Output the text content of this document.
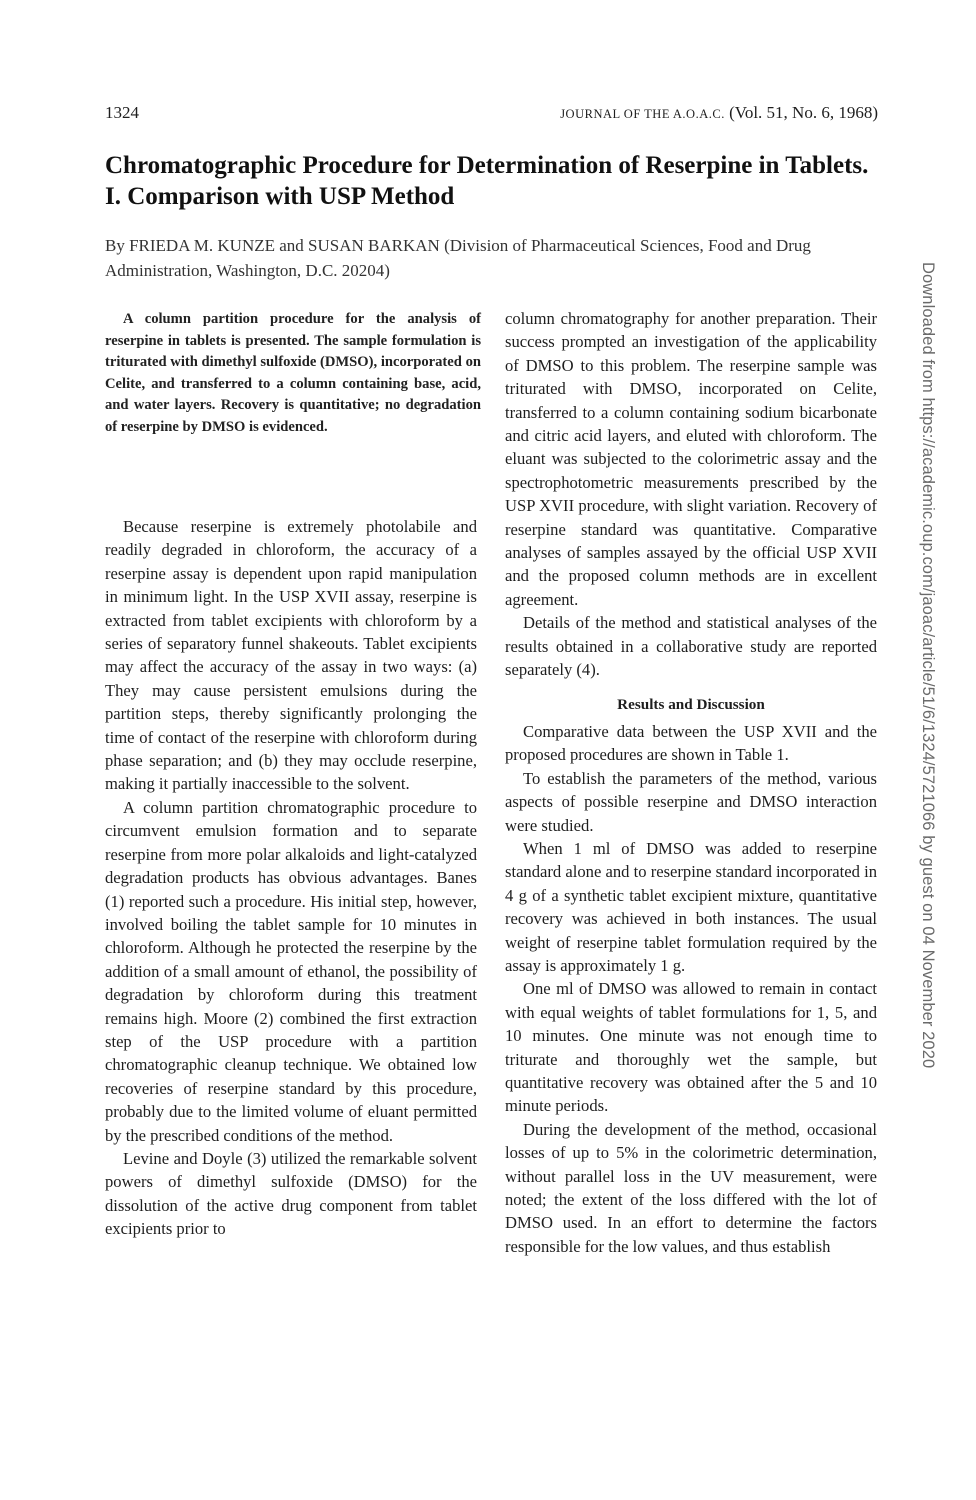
1324	JOURNAL OF THE A.O.A.C. (Vol. 51, No. 6, 1968)
Chromatographic Procedure for Determination of Reserpine in Tablets. I. Comparison with USP Method
By FRIEDA M. KUNZE and SUSAN BARKAN (Division of Pharmaceutical Sciences, Food and Drug Administration, Washington, D.C. 20204)

A column partition procedure for the analysis of reserpine in tablets is presented. The sample formulation is triturated with dimethyl sulfoxide (DMSO), incorporated on Celite, and transferred to a column containing base, acid, and water layers. Recovery is quantitative; no degradation of reserpine by DMSO is evidenced.

Because reserpine is extremely photolabile and readily degraded in chloroform, the accuracy of a reserpine assay is dependent upon rapid manipulation in minimum light. In the USP XVII assay, reserpine is extracted from tablet excipients with chloroform by a series of separatory funnel shakeouts. Tablet excipients may affect the accuracy of the assay in two ways: (a) They may cause persistent emulsions during the partition steps, thereby significantly prolonging the time of contact of the reserpine with chloroform during phase separation; and (b) they may occlude reserpine, making it partially inaccessible to the solvent.

A column partition chromatographic procedure to circumvent emulsion formation and to separate reserpine from more polar alkaloids and light-catalyzed degradation products has obvious advantages. Banes (1) reported such a procedure. His initial step, however, involved boiling the tablet sample for 10 minutes in chloroform. Although he protected the reserpine by the addition of a small amount of ethanol, the possibility of degradation by chloroform during this treatment remains high. Moore (2) combined the first extraction step of the USP procedure with a partition chromatographic cleanup technique. We obtained low recoveries of reserpine standard by this procedure, probably due to the limited volume of eluant permitted by the prescribed conditions of the method.

Levine and Doyle (3) utilized the remarkable solvent powers of dimethyl sulfoxide (DMSO) for the dissolution of the active drug component from tablet excipients prior to

column chromatography for another preparation. Their success prompted an investigation of the applicability of DMSO to this problem. The reserpine sample was triturated with DMSO, incorporated on Celite, transferred to a column containing sodium bicarbonate and citric acid layers, and eluted with chloroform. The eluant was subjected to the colorimetric assay and the spectrophotometric measurements prescribed by the USP XVII procedure, with slight variation. Recovery of reserpine standard was quantitative. Comparative analyses of samples assayed by the official USP XVII and the proposed column methods are in excellent agreement.

Details of the method and statistical analyses of the results obtained in a collaborative study are reported separately (4).

Results and Discussion

Comparative data between the USP XVII and the proposed procedures are shown in Table 1.

To establish the parameters of the method, various aspects of possible reserpine and DMSO interaction were studied.

When 1 ml of DMSO was added to reserpine standard alone and to reserpine standard incorporated in 4 g of a synthetic tablet excipient mixture, quantitative recovery was achieved in both instances. The usual weight of reserpine tablet formulation required by the assay is approximately 1 g.

One ml of DMSO was allowed to remain in contact with equal weights of tablet formulations for 1, 5, and 10 minutes. One minute was not enough time to triturate and thoroughly wet the sample, but quantitative recovery was obtained after the 5 and 10 minute periods.

During the development of the method, occasional losses of up to 5% in the colorimetric determination, without parallel loss in the UV measurement, were noted; the extent of the loss differed with the lot of DMSO used. In an effort to determine the factors responsible for the low values, and thus establish

Downloaded from https://academic.oup.com/jaoac/article/51/6/1324/5721066 by guest on 04 November 2020
